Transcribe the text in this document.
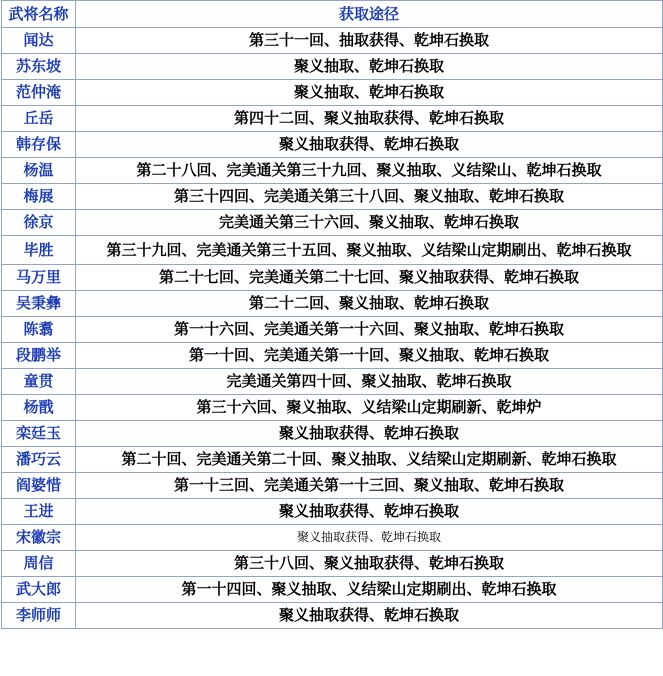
武将名称	获取途径
闻达	第三十一回、抽取获得、乾坤石换取
苏东坡	聚义抽取、乾坤石换取
范仲淹	聚义抽取、乾坤石换取
丘岳	第四十二回、聚义抽取获得、乾坤石换取
韩存保	聚义抽取获得、乾坤石换取
杨温	第二十八回、完美通关第三十九回、聚义抽取、义结梁山、乾坤石换取
梅展	第三十四回、完美通关第三十八回、聚义抽取、乾坤石换取
徐京	完美通关第三十六回、聚义抽取、乾坤石换取
毕胜	第三十九回、完美通关第三十五回、聚义抽取、义结梁山定期刷出、乾坤石换取
马万里	第二十七回、完美通关第二十七回、聚义抽取获得、乾坤石换取
吴秉彝	第二十二回、聚义抽取、乾坤石换取
陈翥	第一十六回、完美通关第一十六回、聚义抽取、乾坤石换取
段鹏举	第一十回、完美通关第一十回、聚义抽取、乾坤石换取
童贯	完美通关第四十回、聚义抽取、乾坤石换取
杨戬	第三十六回、聚义抽取、义结梁山定期刷新、乾坤炉
栾廷玉	聚义抽取获得、乾坤石换取
潘巧云	第二十回、完美通关第二十回、聚义抽取、义结梁山定期刷新、乾坤石换取
阎婆惜	第一十三回、完美通关第一十三回、聚义抽取、乾坤石换取
王进	聚义抽取获得、乾坤石换取
宋徽宗	聚义抽取获得、乾坤石换取
周信	第三十八回、聚义抽取获得、乾坤石换取
武大郎	第一十四回、聚义抽取、义结梁山定期刷出、乾坤石换取
李师师	聚义抽取获得、乾坤石换取
